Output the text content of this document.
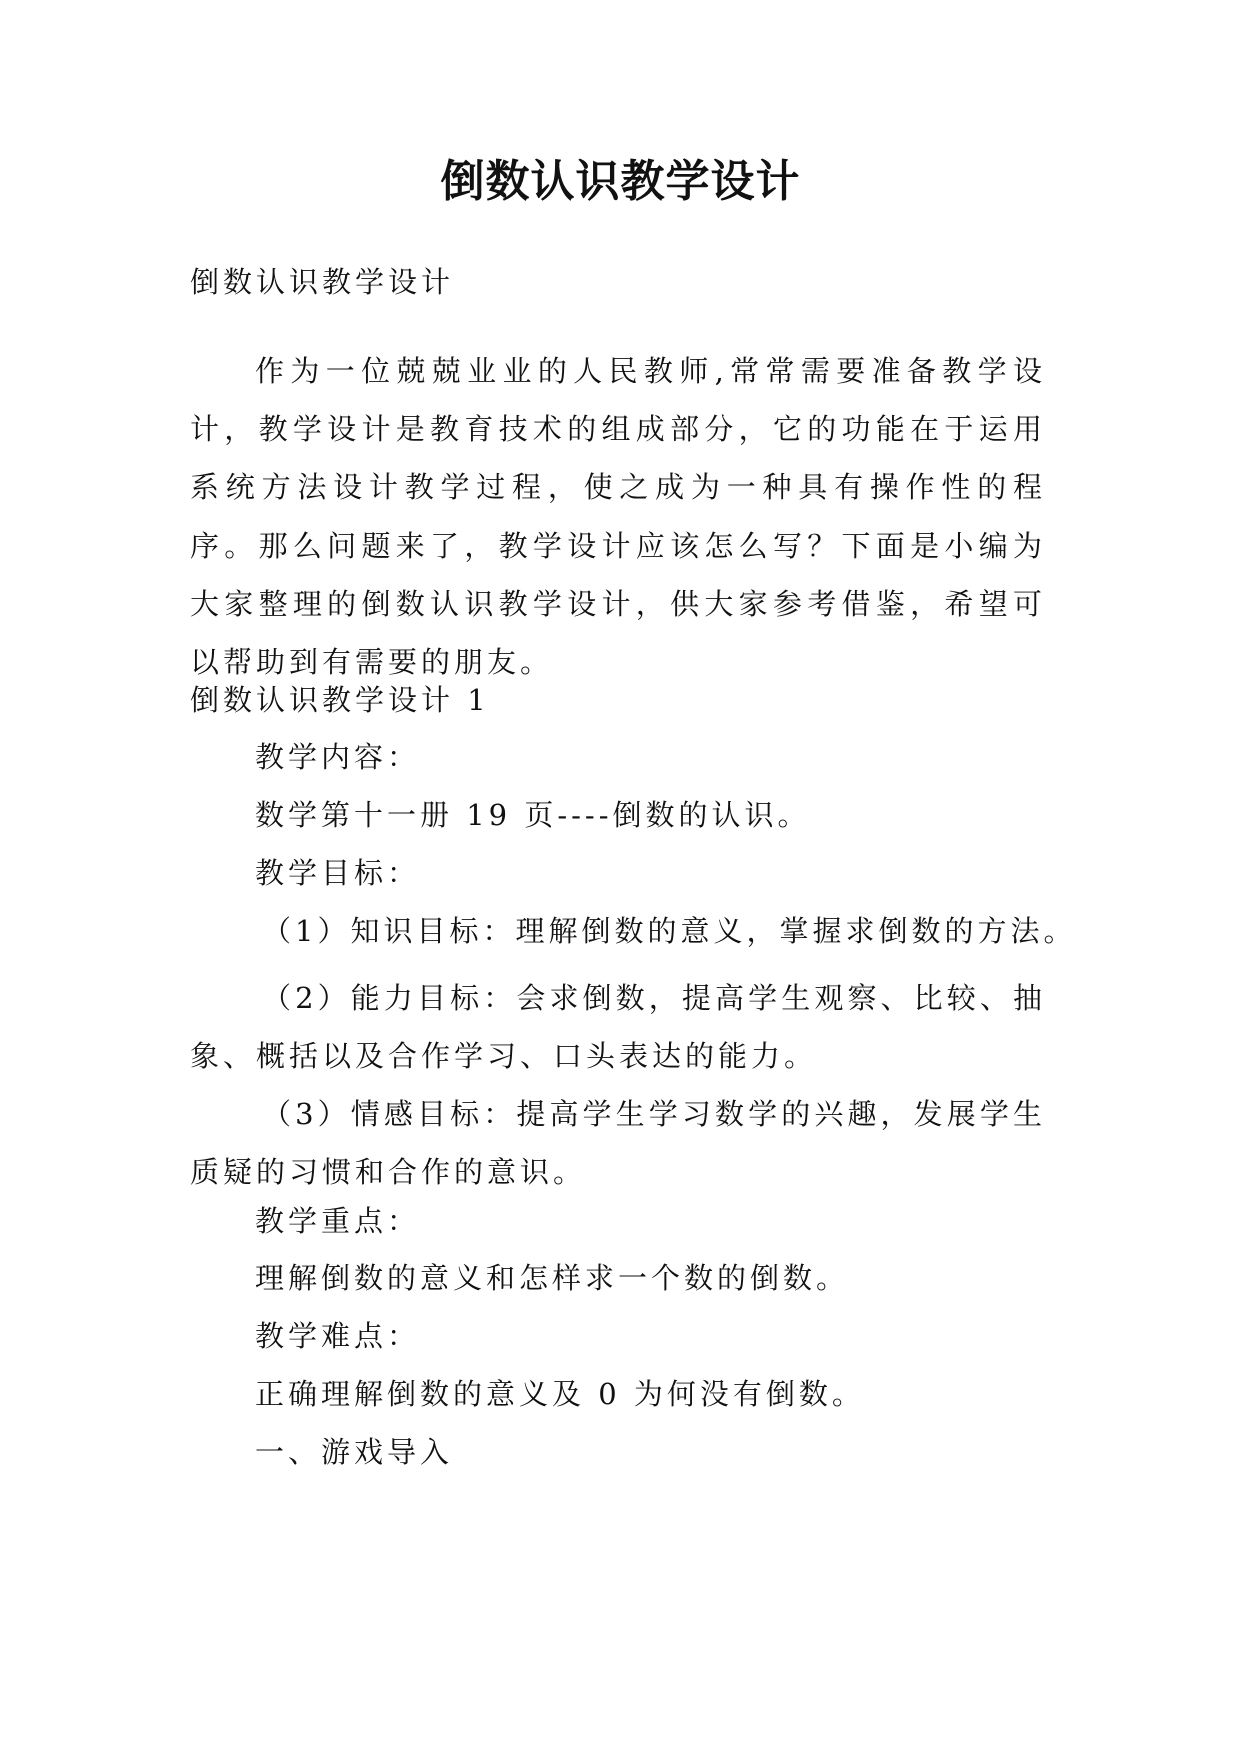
倒数认识教学设计
倒数认识教学设计

作为一位兢兢业业的人民教师,常常需要准备教学设计，教学设计是教育技术的组成部分，它的功能在于运用系统方法设计教学过程，使之成为一种具有操作性的程序。那么问题来了，教学设计应该怎么写？下面是小编为大家整理的倒数认识教学设计，供大家参考借鉴，希望可以帮助到有需要的朋友。

倒数认识教学设计 1
教学内容：
数学第十一册 19 页----倒数的认识。
教学目标：
（1）知识目标：理解倒数的意义，掌握求倒数的方法。

（2）能力目标：会求倒数，提高学生观察、比较、抽象、概括以及合作学习、口头表达的能力。

（3）情感目标：提高学生学习数学的兴趣，发展学生质疑的习惯和合作的意识。

教学重点：
理解倒数的意义和怎样求一个数的倒数。
教学难点：
正确理解倒数的意义及 0 为何没有倒数。
一、游戏导入
